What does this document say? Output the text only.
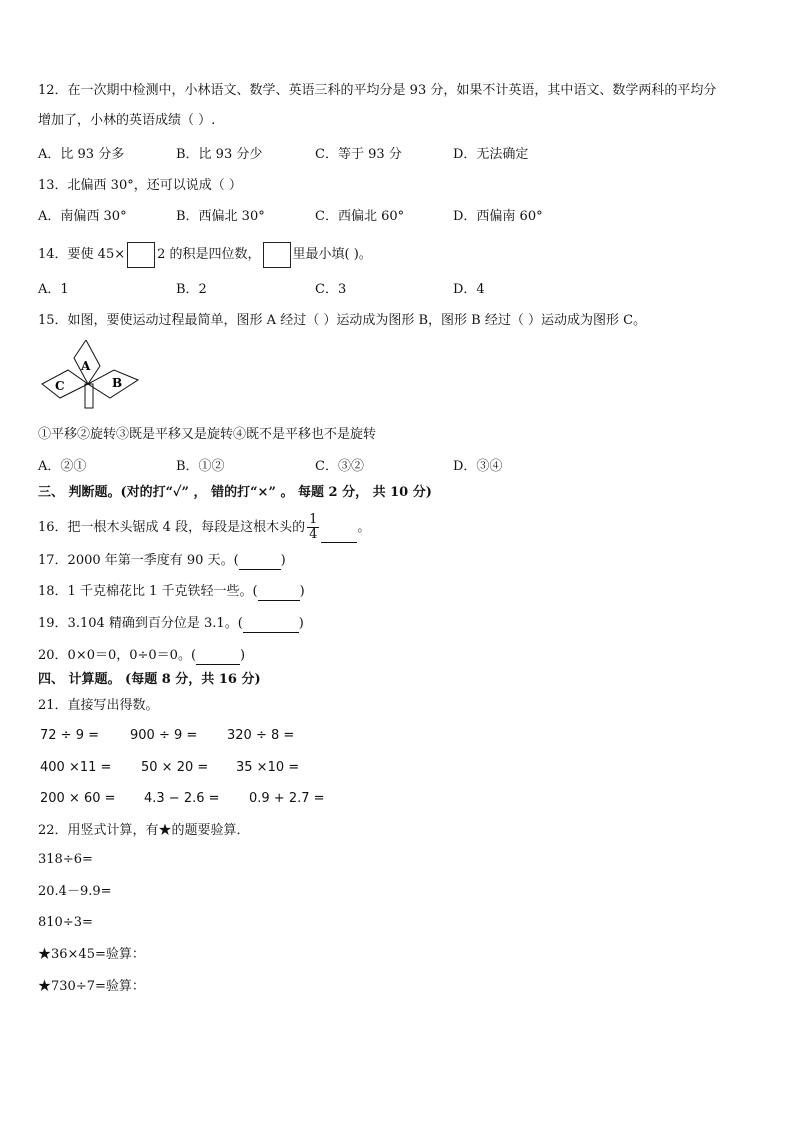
12．在一次期中检测中，小林语文、数学、英语三科的平均分是 93 分，如果不计英语，其中语文、数学两科的平均分
增加了，小林的英语成绩（ ）.
A．比 93 分多	B．比 93 分少	C．等于 93 分	D．无法确定
13．北偏西 30°，还可以说成（ ）
A．南偏西 30°	B．西偏北 30°	C．西偏北 60°	D．西偏南 60°
14．要使 45× 2 的积是四位数， 里最小填( )。
A．1	B．2	C．3	D．4
15．如图，要使运动过程最简单，图形 A 经过（ ）运动成为图形 B，图形 B 经过（ ）运动成为图形 C。
A
B
C
①平移②旋转③既是平移又是旋转④既不是平移也不是旋转
A．②①	B．①②	C．③②	D．③④
三、 判断题。(对的打“✓” ， 错的打“×” 。 每题 2 分， 共 10 分)
16．把一根木头锯成 4 段，每段是这根木头的 $\frac{1}{4}$	。
17．2000 年第一季度有 90 天。(	)
18．1 千克棉花比 1 千克铁轻一些。(	)
19．3.104 精确到百分位是 3.1。(	)
20．0×0＝0，0÷0＝0。(	)
四、 计算题。 (每题 8 分，共 16 分)
21．直接写出得数。
72 ÷ 9 = 900 ÷ 9 = 320 ÷ 8 =
400 ×11 = 50 × 20 = 35 ×10 =
200 × 60 = 4.3 − 2.6 = 0.9 + 2.7 =
22．用竖式计算，有★的题要验算．
318÷6=
20.4－9.9=
810÷3=
★36×45=验算：
★730÷7=验算：
